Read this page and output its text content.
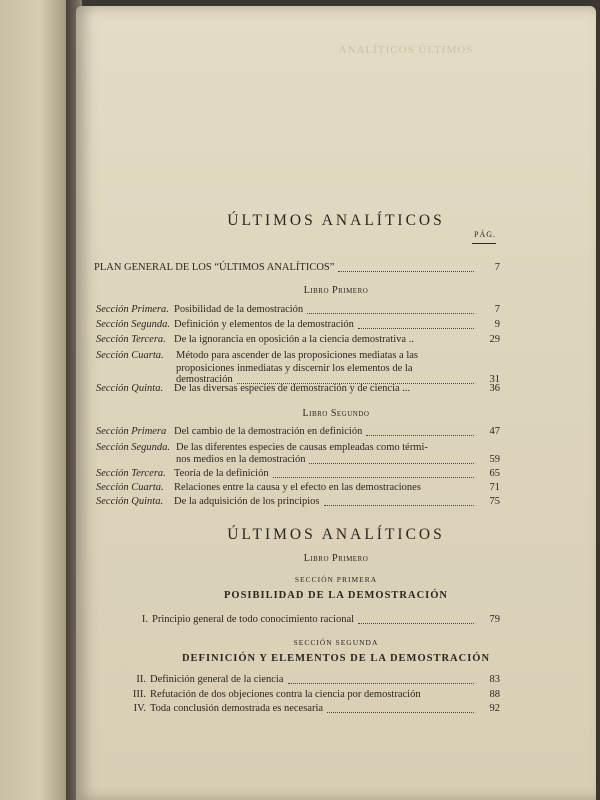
ANALÍTICOS ÚLTIMOS
ÚLTIMOS ANALÍTICOS
PÁG.
PLAN GENERAL DE LOS “ÚLTIMOS ANALÍTICOS”	7
Libro Primero
Sección Primera. Posibilidad de la demostración	7
Sección Segunda. Definición y elementos de la demostración	9
Sección Tercera. De la ignorancia en oposición a la ciencia demostrativa ..	29
Sección Cuarta.	Método para ascender de las proposiciones mediatas a las
proposiciones inmediatas y discernir los elementos de la
demostración	31
Sección Quinta.	De las diversas especies de demostración y de ciencia ...	36
Libro Segundo
Sección Primera Del cambio de la demostración en definición	47
Sección Segunda. De las diferentes especies de causas empleadas como térmi-
nos medios en la demostración	59
Sección Tercera. Teoría de la definición	65
Sección Cuarta. Relaciones entre la causa y el efecto en las demostraciones	71
Sección Quinta.	De la adquisición de los principios	75
ÚLTIMOS ANALÍTICOS
Libro Primero
SECCIÓN PRIMERA
POSIBILIDAD DE LA DEMOSTRACIÓN
I. Principio general de todo conocimiento racional	79
SECCIÓN SEGUNDA
DEFINICIÓN Y ELEMENTOS DE LA DEMOSTRACIÓN
II. Definición general de la ciencia	83
III. Refutación de dos objeciones contra la ciencia por demostración	88
IV. Toda conclusión demostrada es necesaria	92
